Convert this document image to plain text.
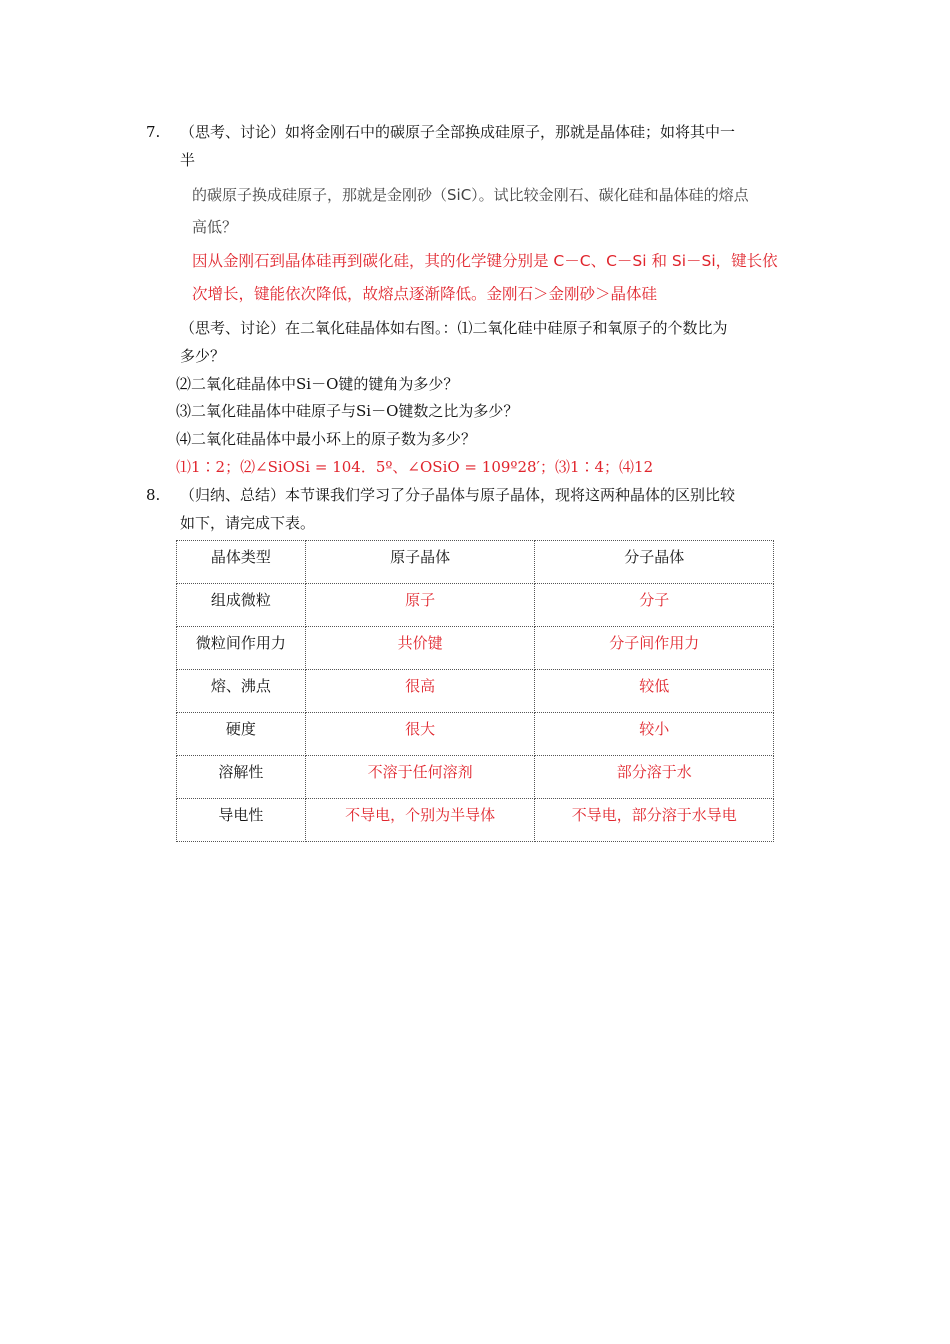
7. （思考、讨论）如将金刚石中的碳原子全部换成硅原子，那就是晶体硅；如将其中一
半
的碳原子换成硅原子，那就是金刚砂（SiC）。试比较金刚石、碳化硅和晶体硅的熔点
高低？
因从金刚石到晶体硅再到碳化硅，其的化学键分别是 C－C、C－Si 和 Si－Si，键长依
次增长，键能依次降低，故熔点逐渐降低。金刚石＞金刚砂＞晶体硅
（思考、讨论）在二氧化硅晶体如右图。：⑴二氧化硅中硅原子和氧原子的个数比为
多少？
⑵二氧化硅晶体中Si－O键的键角为多少？
⑶二氧化硅晶体中硅原子与Si－O键数之比为多少？
⑷二氧化硅晶体中最小环上的原子数为多少？
⑴1∶2；⑵∠SiOSi = 104．5º、∠OSiO = 109º28′；⑶1∶4；⑷12
8. （归纳、总结）本节课我们学习了分子晶体与原子晶体，现将这两种晶体的区别比较
如下，请完成下表。
晶体类型	原子晶体	分子晶体
组成微粒	原子	分子
微粒间作用力	共价键	分子间作用力
熔、沸点	很高	较低
硬度	很大	较小
溶解性	不溶于任何溶剂	部分溶于水
导电性	不导电，个别为半导体	不导电，部分溶于水导电
